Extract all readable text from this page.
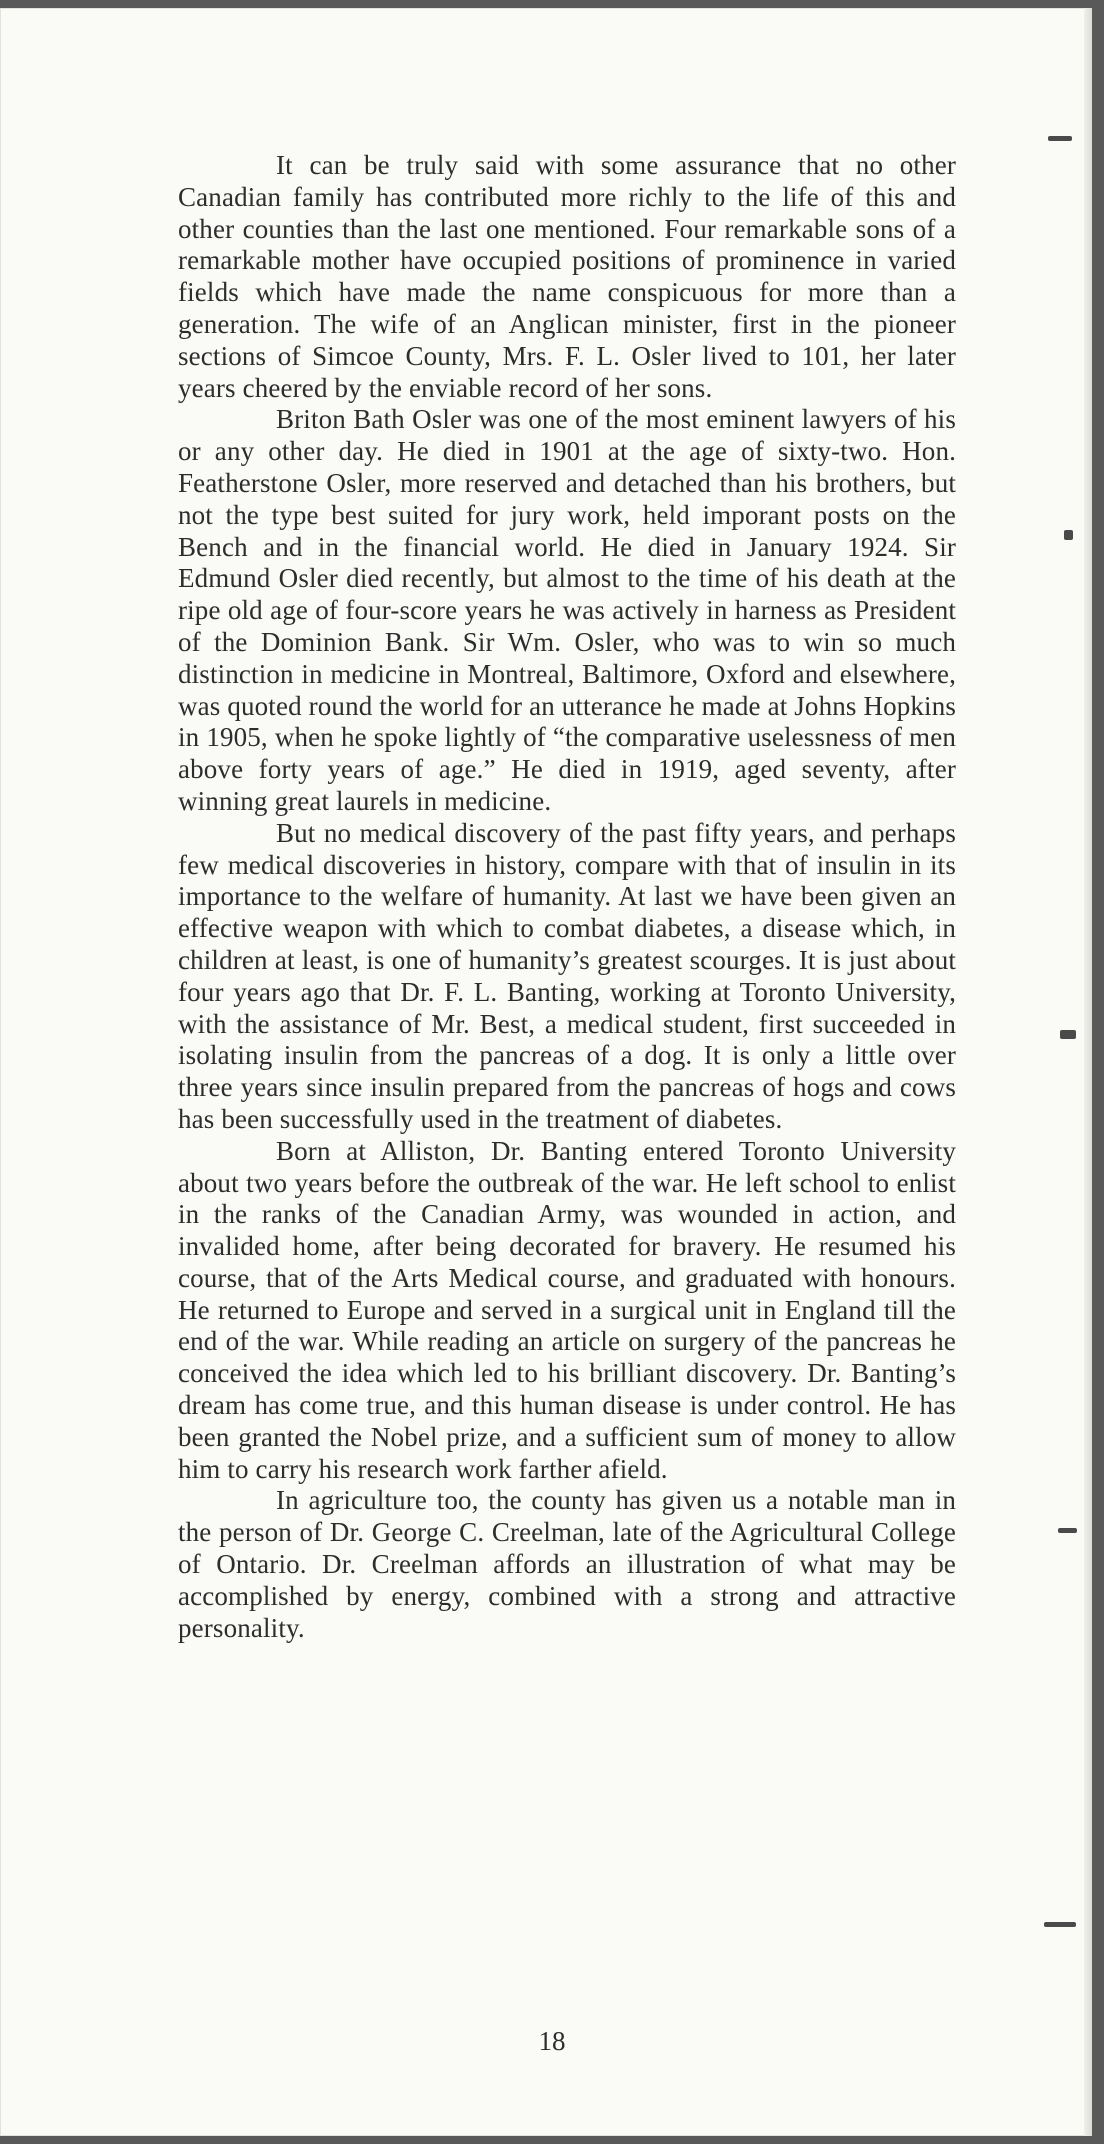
It can be truly said with some assurance that no other Canadian family has contributed more richly to the life of this and other counties than the last one mentioned. Four remarkable sons of a remarkable mother have occupied positions of prominence in varied fields which have made the name conspicuous for more than a generation. The wife of an Anglican minister, first in the pioneer sections of Simcoe County, Mrs. F. L. Osler lived to 101, her later years cheered by the enviable record of her sons.

Briton Bath Osler was one of the most eminent lawyers of his or any other day. He died in 1901 at the age of sixty-two. Hon. Featherstone Osler, more reserved and detached than his brothers, but not the type best suited for jury work, held imporant posts on the Bench and in the financial world. He died in January 1924. Sir Edmund Osler died recently, but almost to the time of his death at the ripe old age of four-score years he was actively in harness as President of the Dominion Bank. Sir Wm. Osler, who was to win so much distinction in medicine in Montreal, Baltimore, Oxford and elsewhere, was quoted round the world for an utterance he made at Johns Hopkins in 1905, when he spoke lightly of “the comparative uselessness of men above forty years of age.” He died in 1919, aged seventy, after winning great laurels in medicine.

But no medical discovery of the past fifty years, and perhaps few medical discoveries in history, compare with that of insulin in its importance to the welfare of humanity. At last we have been given an effective weapon with which to combat diabetes, a disease which, in children at least, is one of humanity’s greatest scourges. It is just about four years ago that Dr. F. L. Banting, working at Toronto University, with the assistance of Mr. Best, a medical student, first succeeded in isolating insulin from the pancreas of a dog. It is only a little over three years since insulin prepared from the pancreas of hogs and cows has been successfully used in the treatment of diabetes.

Born at Alliston, Dr. Banting entered Toronto University about two years before the outbreak of the war. He left school to enlist in the ranks of the Canadian Army, was wounded in action, and invalided home, after being decorated for bravery. He resumed his course, that of the Arts Medical course, and graduated with honours. He returned to Europe and served in a surgical unit in England till the end of the war. While reading an article on surgery of the pancreas he conceived the idea which led to his brilliant discovery. Dr. Banting’s dream has come true, and this human disease is under control. He has been granted the Nobel prize, and a sufficient sum of money to allow him to carry his research work farther afield.

In agriculture too, the county has given us a notable man in the person of Dr. George C. Creelman, late of the Agricultural College of Ontario. Dr. Creelman affords an illustration of what may be accomplished by energy, combined with a strong and attractive personality.

18
